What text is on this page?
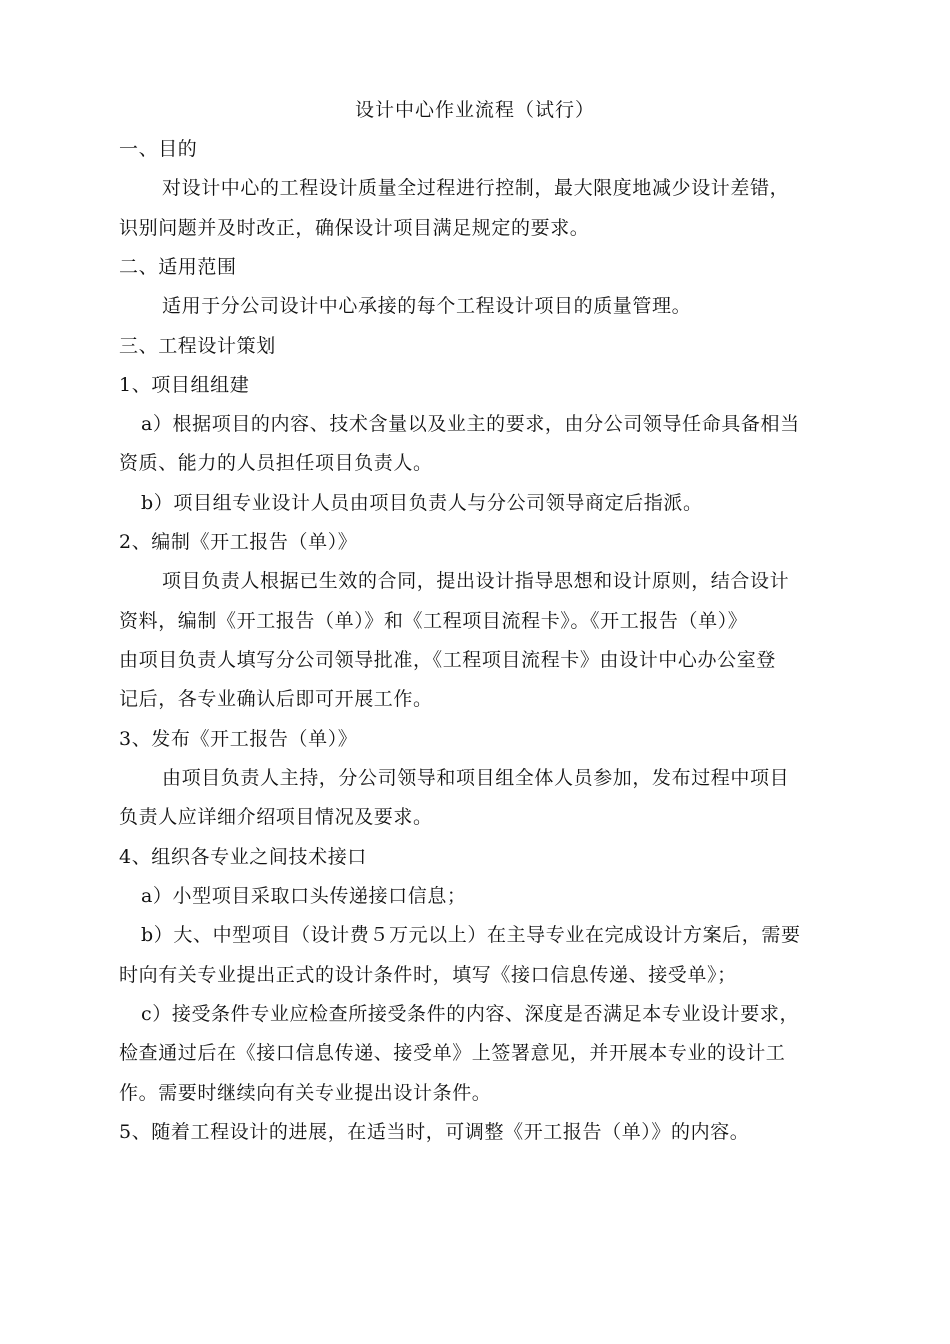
设计中心作业流程（试行）
一、目的
对设计中心的工程设计质量全过程进行控制，最大限度地减少设计差错，
识别问题并及时改正，确保设计项目满足规定的要求。
二、适用范围
适用于分公司设计中心承接的每个工程设计项目的质量管理。
三、工程设计策划
1、项目组组建
a）根据项目的内容、技术含量以及业主的要求，由分公司领导任命具备相当
资质、能力的人员担任项目负责人。
b）项目组专业设计人员由项目负责人与分公司领导商定后指派。
2、编制《开工报告（单）》
项目负责人根据已生效的合同，提出设计指导思想和设计原则，结合设计
资料，编制《开工报告（单）》和《工程项目流程卡》。《开工报告（单）》
由项目负责人填写分公司领导批准，《工程项目流程卡》由设计中心办公室登
记后，各专业确认后即可开展工作。
3、发布《开工报告（单）》
由项目负责人主持，分公司领导和项目组全体人员参加，发布过程中项目
负责人应详细介绍项目情况及要求。
4、组织各专业之间技术接口
a）小型项目采取口头传递接口信息；
b）大、中型项目（设计费５万元以上）在主导专业在完成设计方案后，需要
时向有关专业提出正式的设计条件时，填写《接口信息传递、接受单》；
c）接受条件专业应检查所接受条件的内容、深度是否满足本专业设计要求，
检查通过后在《接口信息传递、接受单》上签署意见，并开展本专业的设计工
作。需要时继续向有关专业提出设计条件。
5、随着工程设计的进展，在适当时，可调整《开工报告（单）》的内容。
